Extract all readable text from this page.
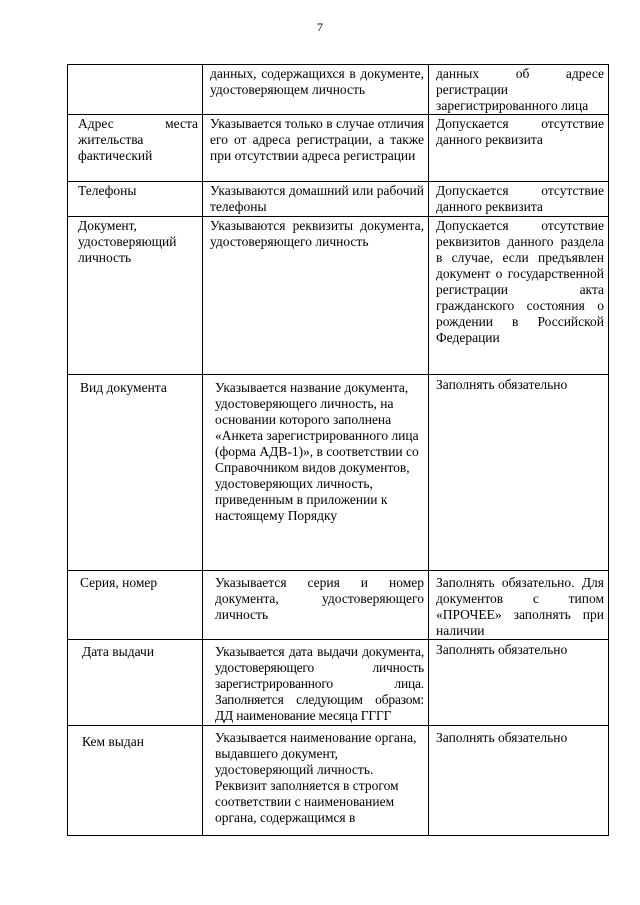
7
	данных, содержащихся в документе, удостоверяющем личность	данных об адресе регистрации зарегистрированного лица
Адрес места жительства фактический	Указывается только в случае отличия его от адреса регистрации, а также при отсутствии адреса регистрации	Допускается отсутствие данного реквизита
Телефоны	Указываются домашний или рабочий телефоны	Допускается отсутствие данного реквизита
Документ, удостоверяющий личность	Указываются реквизиты документа, удостоверяющего личность	Допускается отсутствие реквизитов данного раздела в случае, если предъявлен документ о государственной регистрации акта гражданского состояния о рождении в Российской Федерации
Вид документа	Указывается название документа, удостоверяющего личность, на основании которого заполнена «Анкета зарегистрированного лица (форма АДВ-1)», в соответствии со Справочником видов документов, удостоверяющих личность, приведенным в приложении к настоящему Порядку	Заполнять обязательно
Серия, номер	Указывается серия и номер документа, удостоверяющего личность	Заполнять обязательно. Для документов с типом «ПРОЧЕЕ» заполнять при наличии
Дата выдачи	Указывается дата выдачи документа, удостоверяющего личность зарегистрированного лица. Заполняется следующим образом: ДД наименование месяца ГГГГ	Заполнять обязательно
Кем выдан	Указывается наименование органа, выдавшего документ, удостоверяющий личность. Реквизит заполняется в строгом соответствии с наименованием органа, содержащимся в	Заполнять обязательно
